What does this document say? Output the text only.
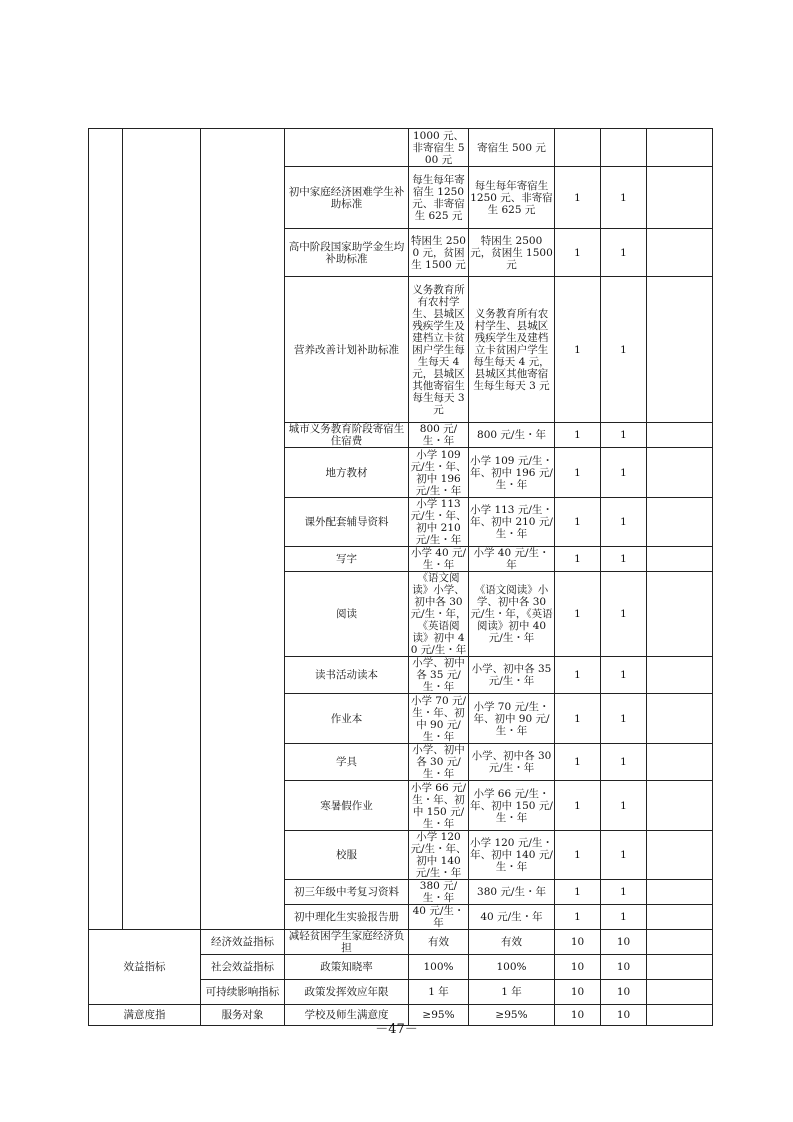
				1000 元、非寄宿生 500 元	寄宿生 500 元			
			初中家庭经济困难学生补助标准	每生每年寄宿生 1250 元、非寄宿生 625 元	每生每年寄宿生 1250 元、非寄宿生 625 元	1	1	
			高中阶段国家助学金生均补助标准	特困生 2500 元，贫困生 1500 元	特困生 2500 元，贫困生 1500 元	1	1	
			营养改善计划补助标准	义务教育所有农村学生、县城区残疾学生及建档立卡贫困户学生每生每天 4 元，县城区其他寄宿生每生每天 3 元	义务教育所有农村学生、县城区残疾学生及建档立卡贫困户学生每生每天 4 元，县城区其他寄宿生每生每天 3 元	1	1	
			城市义务教育阶段寄宿生住宿费	800 元/生・年	800 元/生・年	1	1	
			地方教材	小学 109 元/生・年、初中 196 元/生・年	小学 109 元/生・年、初中 196 元/生・年	1	1	
			课外配套辅导资料	小学 113 元/生・年、初中 210 元/生・年	小学 113 元/生・年、初中 210 元/生・年	1	1	
			写字	小学 40 元/生・年	小学 40 元/生・年	1	1	
			阅读	《语文阅读》小学、初中各 30 元/生・年，《英语阅读》初中 40 元/生・年	《语文阅读》小学、初中各 30 元/生・年，《英语阅读》初中 40 元/生・年	1	1	
			读书活动读本	小学、初中各 35 元/生・年	小学、初中各 35 元/生・年	1	1	
			作业本	小学 70 元/生・年、初中 90 元/生・年	小学 70 元/生・年、初中 90 元/生・年	1	1	
			学具	小学、初中各 30 元/生・年	小学、初中各 30 元/生・年	1	1	
			寒暑假作业	小学 66 元/生・年、初中 150 元/生・年	小学 66 元/生・年、初中 150 元/生・年	1	1	
			校服	小学 120 元/生・年、初中 140 元/生・年	小学 120 元/生・年、初中 140 元/生・年	1	1	
			初三年级中考复习资料	380 元/生・年	380 元/生・年	1	1	
			初中理化生实验报告册	40 元/生・年	40 元/生・年	1	1	
效益指标		经济效益指标	减轻贫困学生家庭经济负担	有效	有效	10	10	
		社会效益指标	政策知晓率	100%	100%	10	10	
		可持续影响指标	政策发挥效应年限	1 年	1 年	10	10	
满意度指		服务对象	学校及师生满意度	≥95%	≥95%	10	10	
－47－
